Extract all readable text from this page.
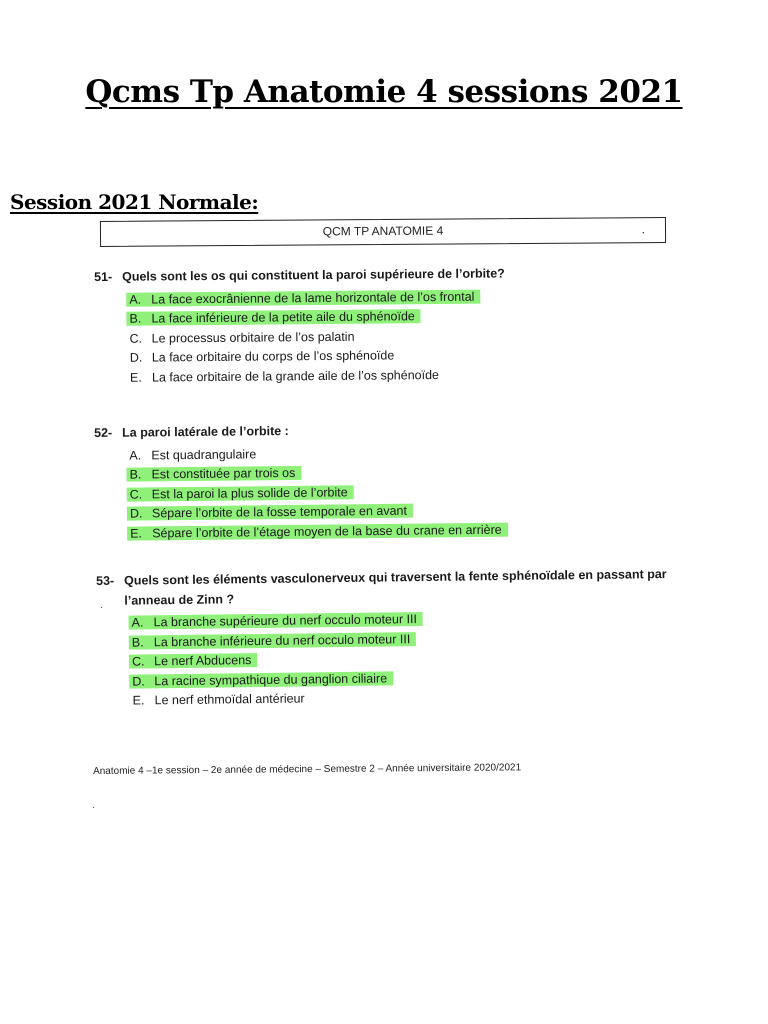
Qcms Tp Anatomie 4 sessions 2021
Session 2021 Normale:
QCM TP ANATOMIE 4	.
51- Quels sont les os qui constituent la paroi supérieure de l’orbite?
A. La face exocrânienne de la lame horizontale de l’os frontal
B. La face inférieure de la petite aile du sphénoïde
C. Le processus orbitaire de l’os palatin
D. La face orbitaire du corps de l’os sphénoïde
E. La face orbitaire de la grande aile de l’os sphénoïde
52- La paroi latérale de l’orbite :
A. Est quadrangulaire
B. Est constituée par trois os
C. Est la paroi la plus solide de l’orbite
D. Sépare l’orbite de la fosse temporale en avant
E. Sépare l’orbite de l’étage moyen de la base du crane en arrière
53- Quels sont les éléments vasculonerveux qui traversent la fente sphénoïdale en passant par l’anneau de Zinn ?
A. La branche supérieure du nerf occulo moteur III
B. La branche inférieure du nerf occulo moteur III
C. Le nerf Abducens
D. La racine sympathique du ganglion ciliaire
E. Le nerf ethmoïdal antérieur
Anatomie 4 –1e session – 2e année de médecine – Semestre 2 – Année universitaire 2020/2021
.
.
